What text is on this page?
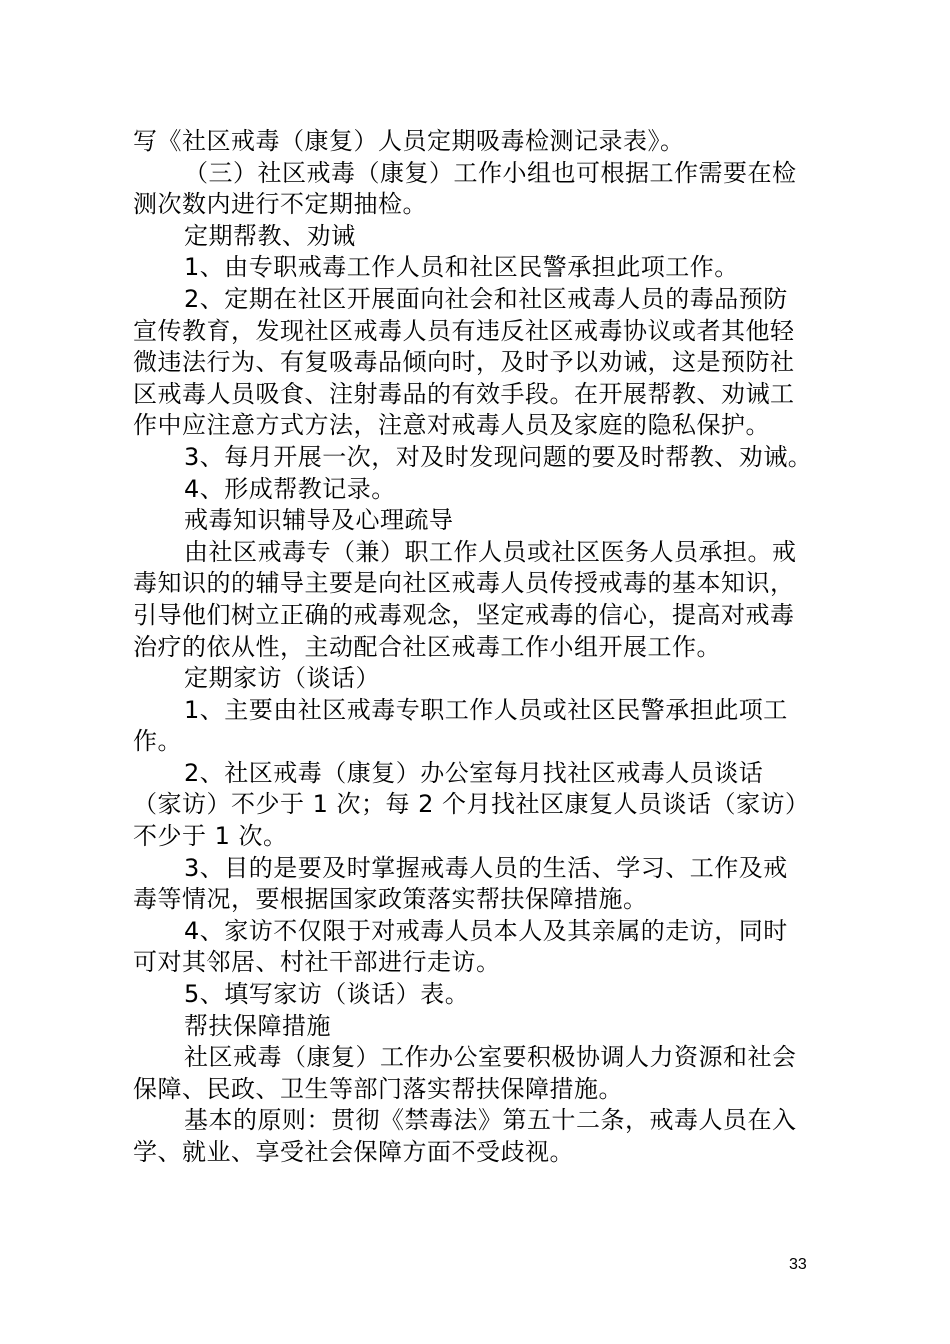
写《社区戒毒（康复）人员定期吸毒检测记录表》。
（三）社区戒毒（康复）工作小组也可根据工作需要在检
测次数内进行不定期抽检。
定期帮教、劝诫
1、由专职戒毒工作人员和社区民警承担此项工作。
2、定期在社区开展面向社会和社区戒毒人员的毒品预防
宣传教育，发现社区戒毒人员有违反社区戒毒协议或者其他轻
微违法行为、有复吸毒品倾向时，及时予以劝诫，这是预防社
区戒毒人员吸食、注射毒品的有效手段。在开展帮教、劝诫工
作中应注意方式方法，注意对戒毒人员及家庭的隐私保护。
3、每月开展一次，对及时发现问题的要及时帮教、劝诫。
4、形成帮教记录。
戒毒知识辅导及心理疏导
由社区戒毒专（兼）职工作人员或社区医务人员承担。戒
毒知识的的辅导主要是向社区戒毒人员传授戒毒的基本知识，
引导他们树立正确的戒毒观念，坚定戒毒的信心，提高对戒毒
治疗的依从性，主动配合社区戒毒工作小组开展工作。
定期家访（谈话）
1、主要由社区戒毒专职工作人员或社区民警承担此项工
作。
2、社区戒毒（康复）办公室每月找社区戒毒人员谈话
（家访）不少于 1 次；每 2 个月找社区康复人员谈话（家访）
不少于 1 次。
3、目的是要及时掌握戒毒人员的生活、学习、工作及戒
毒等情况，要根据国家政策落实帮扶保障措施。
4、家访不仅限于对戒毒人员本人及其亲属的走访，同时
可对其邻居、村社干部进行走访。
5、填写家访（谈话）表。
帮扶保障措施
社区戒毒（康复）工作办公室要积极协调人力资源和社会
保障、民政、卫生等部门落实帮扶保障措施。
基本的原则：贯彻《禁毒法》第五十二条，戒毒人员在入
学、就业、享受社会保障方面不受歧视。
33
